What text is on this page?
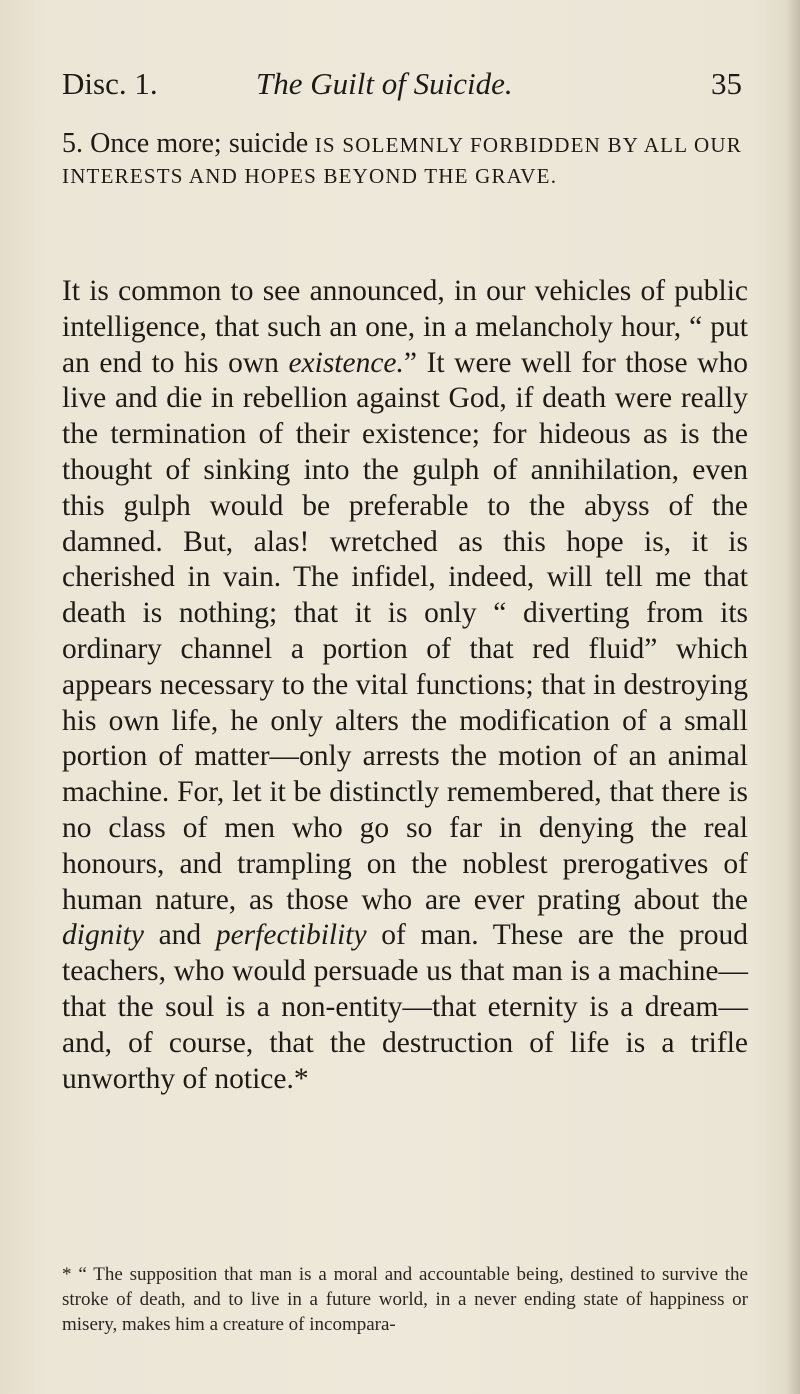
Disc. 1.	The Guilt of Suicide.	35
5. Once more; suicide IS SOLEMNLY FORBIDDEN BY ALL OUR INTERESTS AND HOPES BEYOND THE GRAVE.

It is common to see announced, in our vehicles of public intelligence, that such an one, in a melancholy hour, “ put an end to his own existence.” It were well for those who live and die in rebellion against God, if death were really the termination of their existence; for hideous as is the thought of sinking into the gulph of annihilation, even this gulph would be preferable to the abyss of the damned. But, alas! wretched as this hope is, it is cherished in vain. The infidel, indeed, will tell me that death is nothing; that it is only “ diverting from its ordinary channel a portion of that red fluid” which appears necessary to the vital functions; that in destroying his own life, he only alters the modification of a small portion of matter—only arrests the motion of an animal machine. For, let it be distinctly remembered, that there is no class of men who go so far in denying the real honours, and trampling on the noblest prerogatives of human nature, as those who are ever prating about the dignity and perfectibility of man. These are the proud teachers, who would persuade us that man is a machine—that the soul is a non-entity—that eternity is a dream—and, of course, that the destruction of life is a trifle unworthy of notice.*

* “ The supposition that man is a moral and accountable being, destined to survive the stroke of death, and to live in a future world, in a never ending state of happiness or misery, makes him a creature of incompara-
